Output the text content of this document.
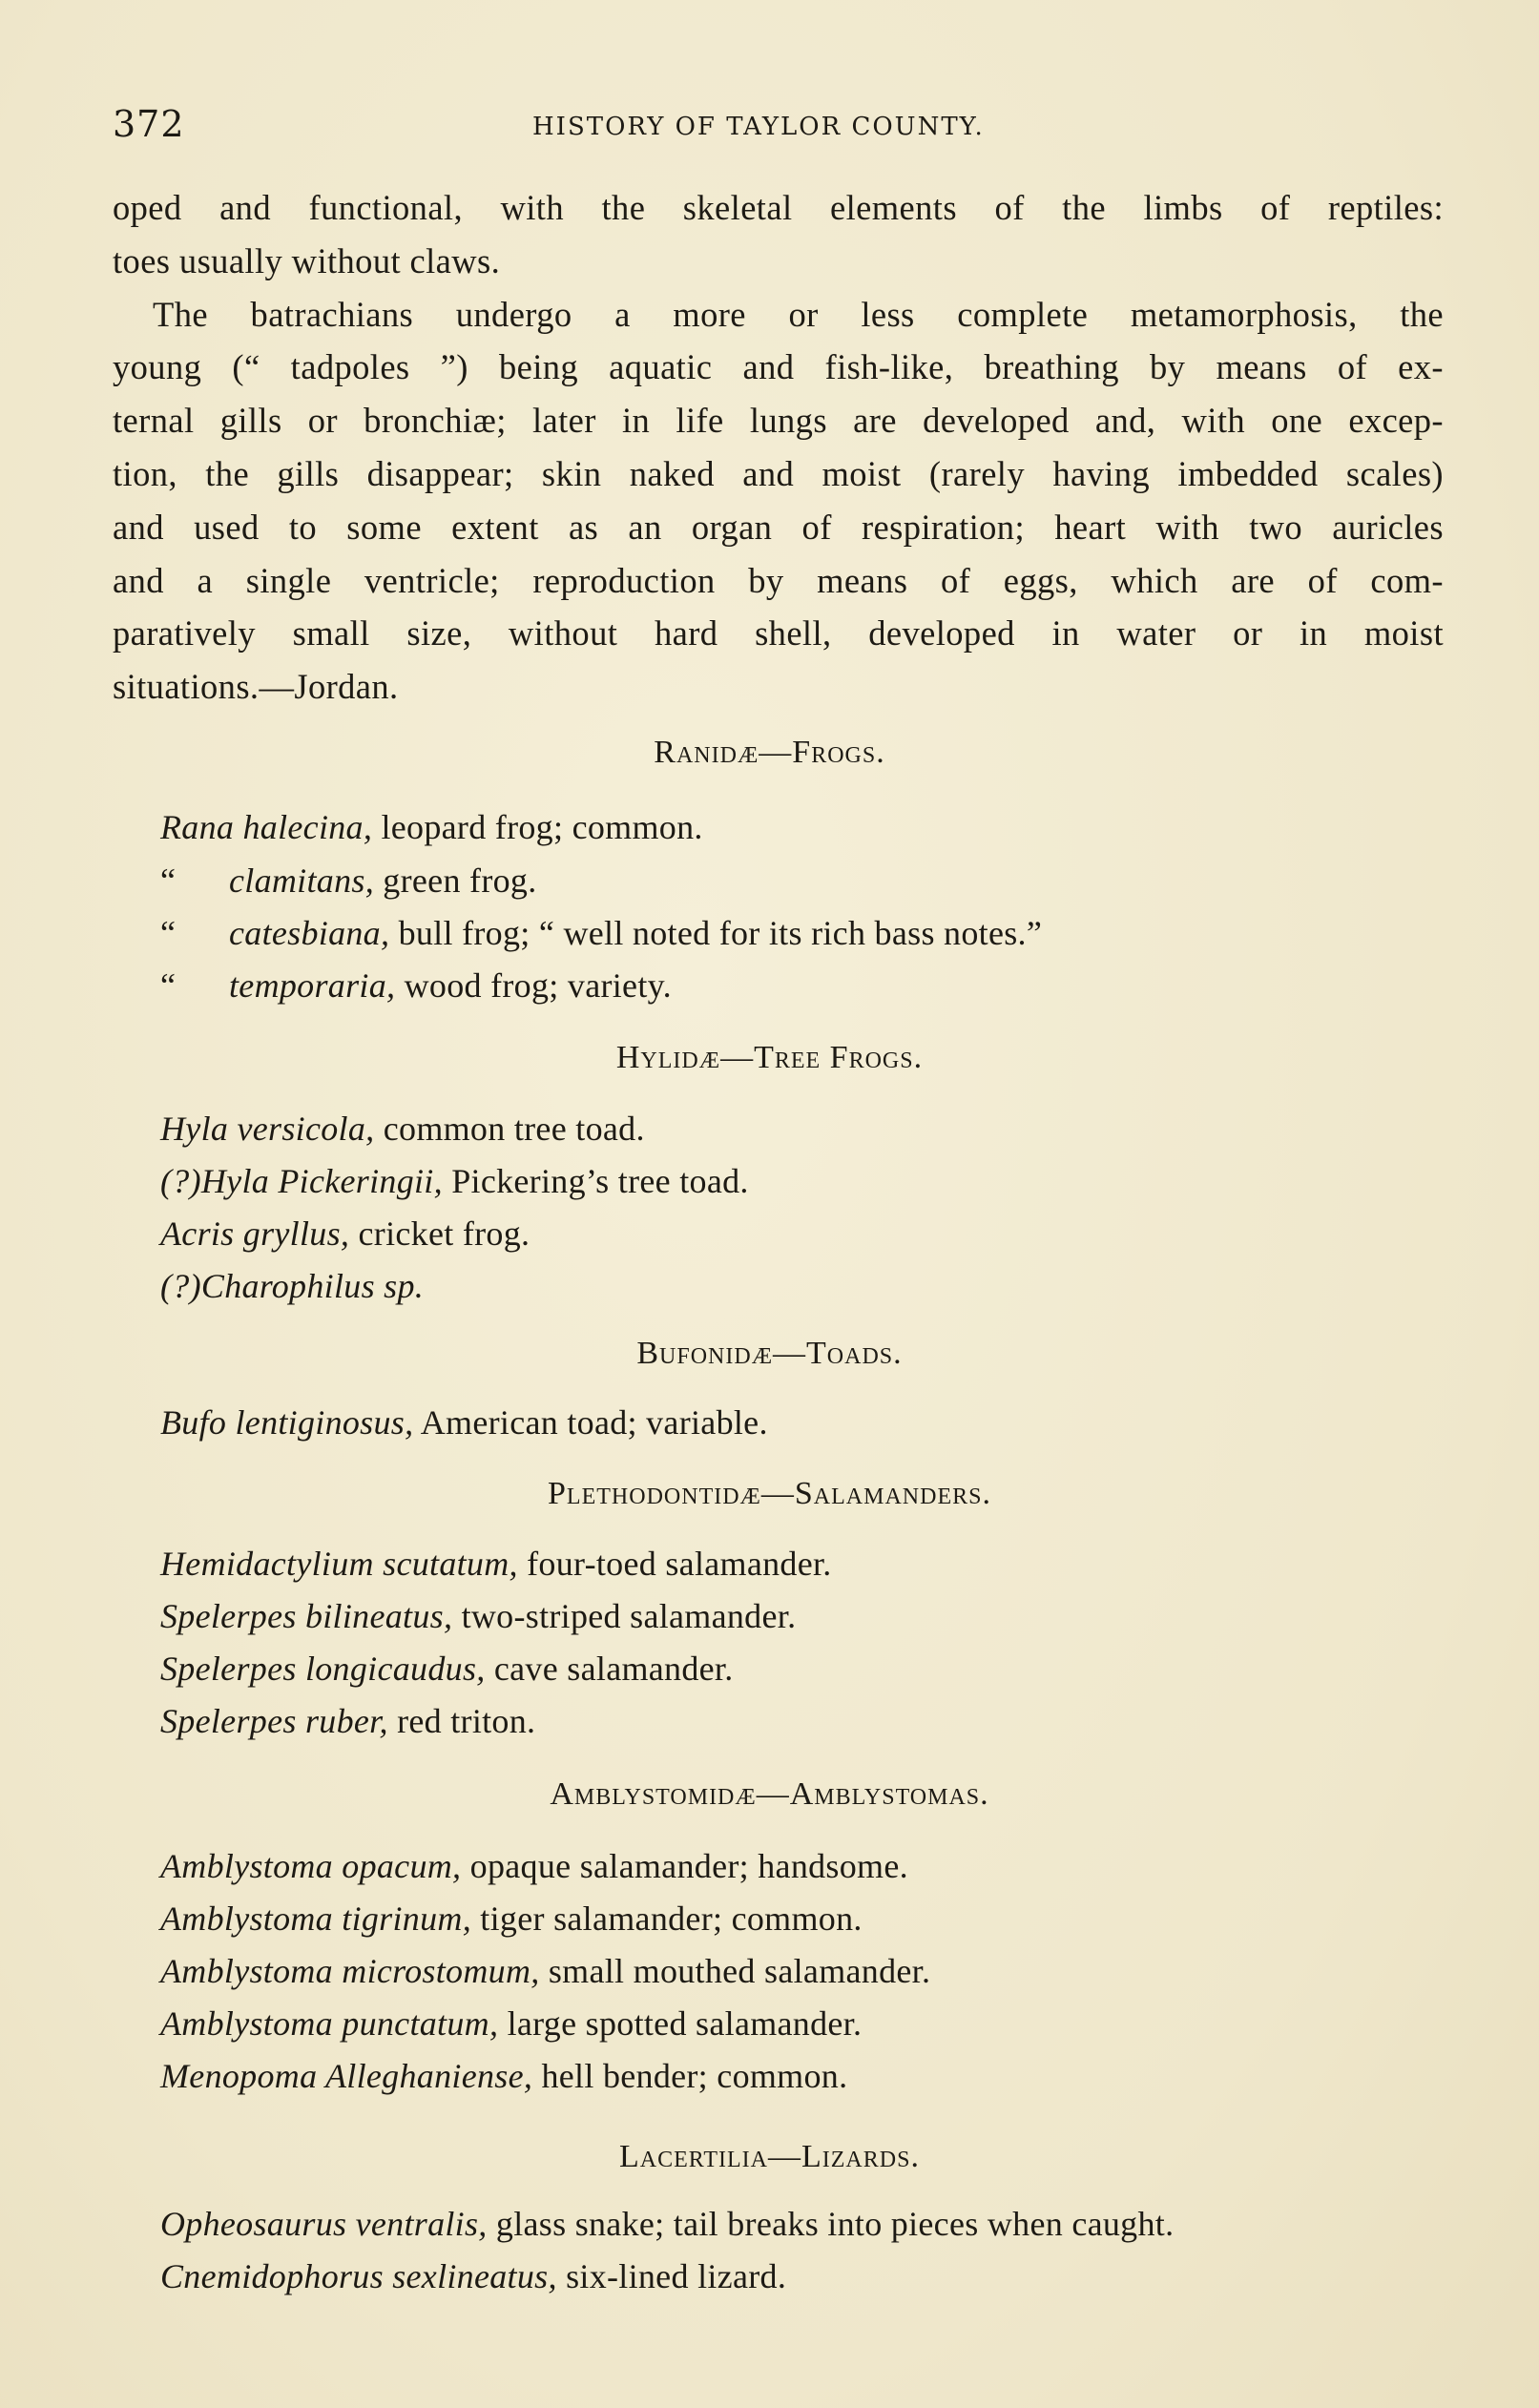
372	HISTORY OF TAYLOR COUNTY.
oped and functional, with the skeletal elements of the limbs of reptiles:
toes usually without claws.
The batrachians undergo a more or less complete metamorphosis, the
young (“ tadpoles ”) being aquatic and fish-like, breathing by means of ex-
ternal gills or bronchiæ; later in life lungs are developed and, with one excep-
tion, the gills disappear; skin naked and moist (rarely having imbedded scales)
and used to some extent as an organ of respiration; heart with two auricles
and a single ventricle; reproduction by means of eggs, which are of com-
paratively small size, without hard shell, developed in water or in moist
situations.—Jordan.
Ranidæ—Frogs.
Rana halecina, leopard frog; common.
“ clamitans, green frog.
“ catesbiana, bull frog; “ well noted for its rich bass notes.”
“ temporaria, wood frog; variety.
Hylidæ—Tree Frogs.
Hyla versicola, common tree toad.
(?)Hyla Pickeringii, Pickering’s tree toad.
Acris gryllus, cricket frog.
(?)Charophilus sp.
Bufonidæ—Toads.
Bufo lentiginosus, American toad; variable.
Plethodontidæ—Salamanders.
Hemidactylium scutatum, four-toed salamander.
Spelerpes bilineatus, two-striped salamander.
Spelerpes longicaudus, cave salamander.
Spelerpes ruber, red triton.
Amblystomidæ—Amblystomas.
Amblystoma opacum, opaque salamander; handsome.
Amblystoma tigrinum, tiger salamander; common.
Amblystoma microstomum, small mouthed salamander.
Amblystoma punctatum, large spotted salamander.
Menopoma Alleghaniense, hell bender; common.
Lacertilia—Lizards.
Opheosaurus ventralis, glass snake; tail breaks into pieces when caught.
Cnemidophorus sexlineatus, six-lined lizard.
